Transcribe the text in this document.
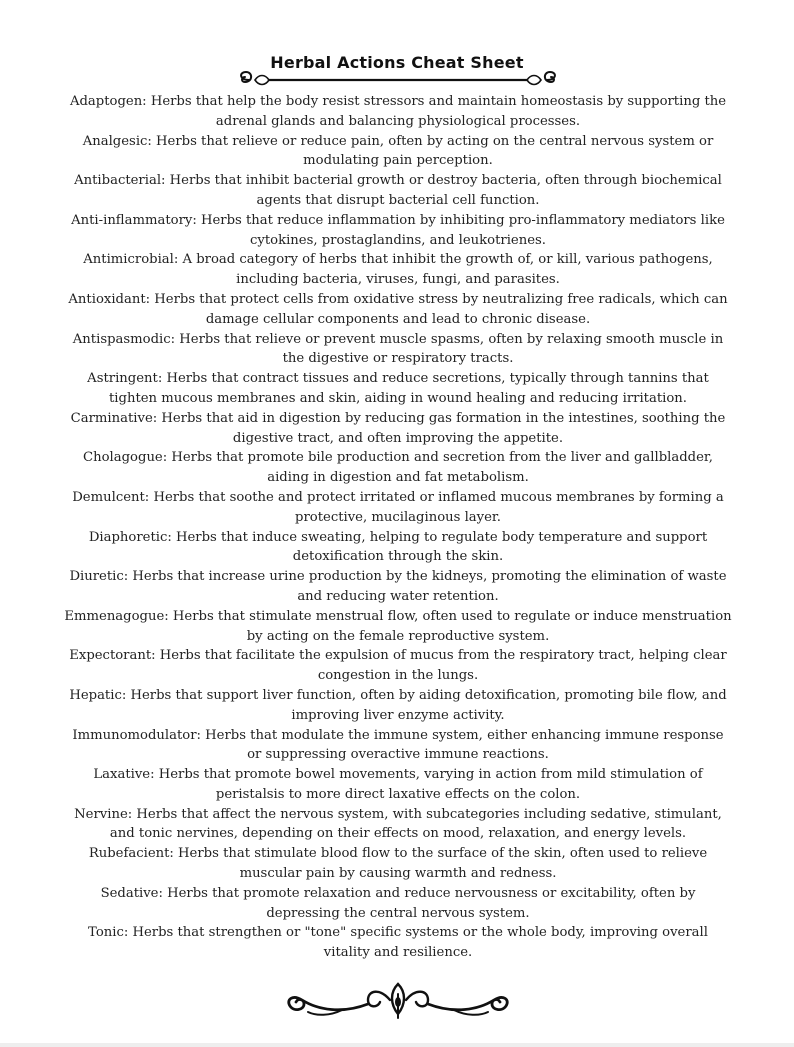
Herbal Actions Cheat Sheet
Adaptogen: Herbs that help the body resist stressors and maintain homeostasis by supporting the adrenal glands and balancing physiological processes.
Analgesic: Herbs that relieve or reduce pain, often by acting on the central nervous system or modulating pain perception.
Antibacterial: Herbs that inhibit bacterial growth or destroy bacteria, often through biochemical agents that disrupt bacterial cell function.
Anti-inflammatory: Herbs that reduce inflammation by inhibiting pro-inflammatory mediators like cytokines, prostaglandins, and leukotrienes.
Antimicrobial: A broad category of herbs that inhibit the growth of, or kill, various pathogens, including bacteria, viruses, fungi, and parasites.
Antioxidant: Herbs that protect cells from oxidative stress by neutralizing free radicals, which can damage cellular components and lead to chronic disease.
Antispasmodic: Herbs that relieve or prevent muscle spasms, often by relaxing smooth muscle in the digestive or respiratory tracts.
Astringent: Herbs that contract tissues and reduce secretions, typically through tannins that tighten mucous membranes and skin, aiding in wound healing and reducing irritation.
Carminative: Herbs that aid in digestion by reducing gas formation in the intestines, soothing the digestive tract, and often improving the appetite.
Cholagogue: Herbs that promote bile production and secretion from the liver and gallbladder, aiding in digestion and fat metabolism.
Demulcent: Herbs that soothe and protect irritated or inflamed mucous membranes by forming a protective, mucilaginous layer.
Diaphoretic: Herbs that induce sweating, helping to regulate body temperature and support detoxification through the skin.
Diuretic: Herbs that increase urine production by the kidneys, promoting the elimination of waste and reducing water retention.
Emmenagogue: Herbs that stimulate menstrual flow, often used to regulate or induce menstruation by acting on the female reproductive system.
Expectorant: Herbs that facilitate the expulsion of mucus from the respiratory tract, helping clear congestion in the lungs.
Hepatic: Herbs that support liver function, often by aiding detoxification, promoting bile flow, and improving liver enzyme activity.
Immunomodulator: Herbs that modulate the immune system, either enhancing immune response or suppressing overactive immune reactions.
Laxative: Herbs that promote bowel movements, varying in action from mild stimulation of peristalsis to more direct laxative effects on the colon.
Nervine: Herbs that affect the nervous system, with subcategories including sedative, stimulant, and tonic nervines, depending on their effects on mood, relaxation, and energy levels.
Rubefacient: Herbs that stimulate blood flow to the surface of the skin, often used to relieve muscular pain by causing warmth and redness.
Sedative: Herbs that promote relaxation and reduce nervousness or excitability, often by depressing the central nervous system.
Tonic: Herbs that strengthen or "tone" specific systems or the whole body, improving overall vitality and resilience.
